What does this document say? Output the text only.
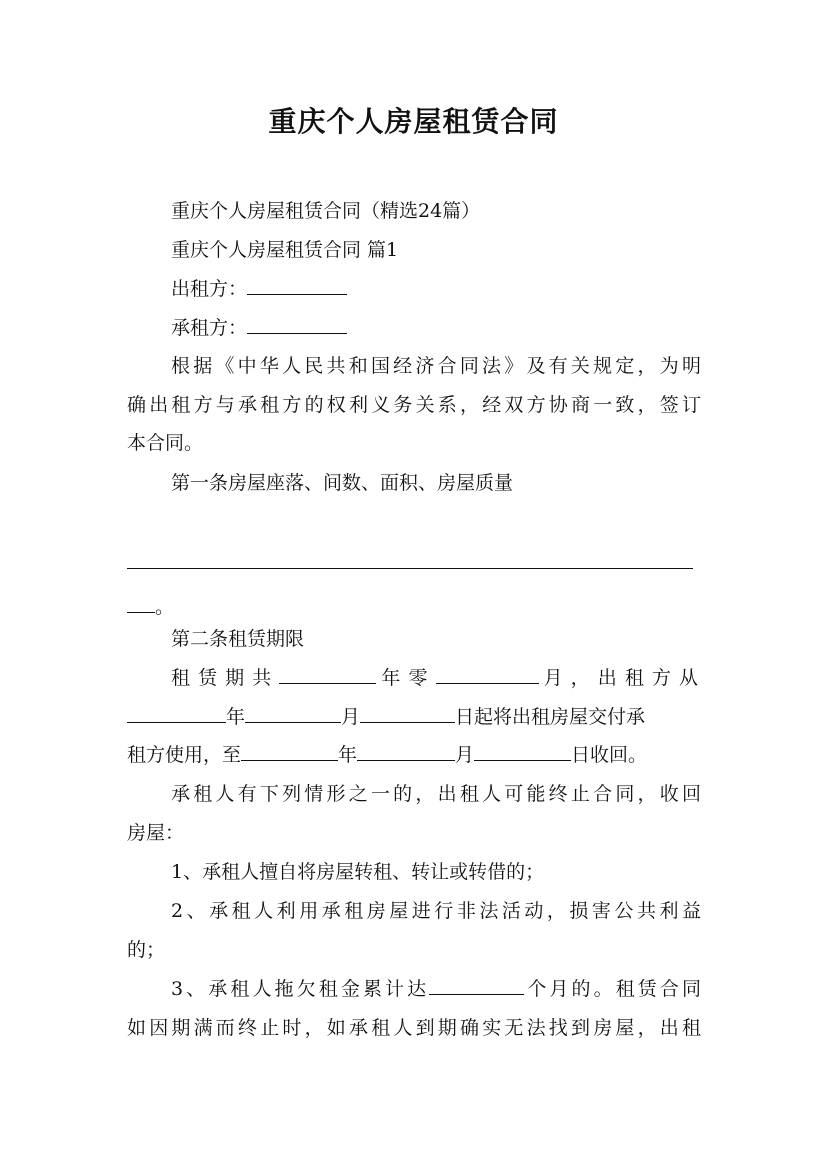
重庆个人房屋租赁合同
重庆个人房屋租赁合同（精选24篇）
重庆个人房屋租赁合同 篇1
出租方：
承租方：
根据《中华人民共和国经济合同法》及有关规定，为明
确出租方与承租方的权利义务关系，经双方协商一致，签订
本合同。
第一条房屋座落、间数、面积、房屋质量
。
第二条租赁期限
租赁期共	年零	月，出租方从
年	月	日起将出租房屋交付承
租方使用，至	年	月	日收回。
承租人有下列情形之一的，出租人可能终止合同，收回
房屋：
1、承租人擅自将房屋转租、转让或转借的；
2、承租人利用承租房屋进行非法活动，损害公共利益
的；
3、承租人拖欠租金累计达	个月的。租赁合同
如因期满而终止时，如承租人到期确实无法找到房屋，出租
